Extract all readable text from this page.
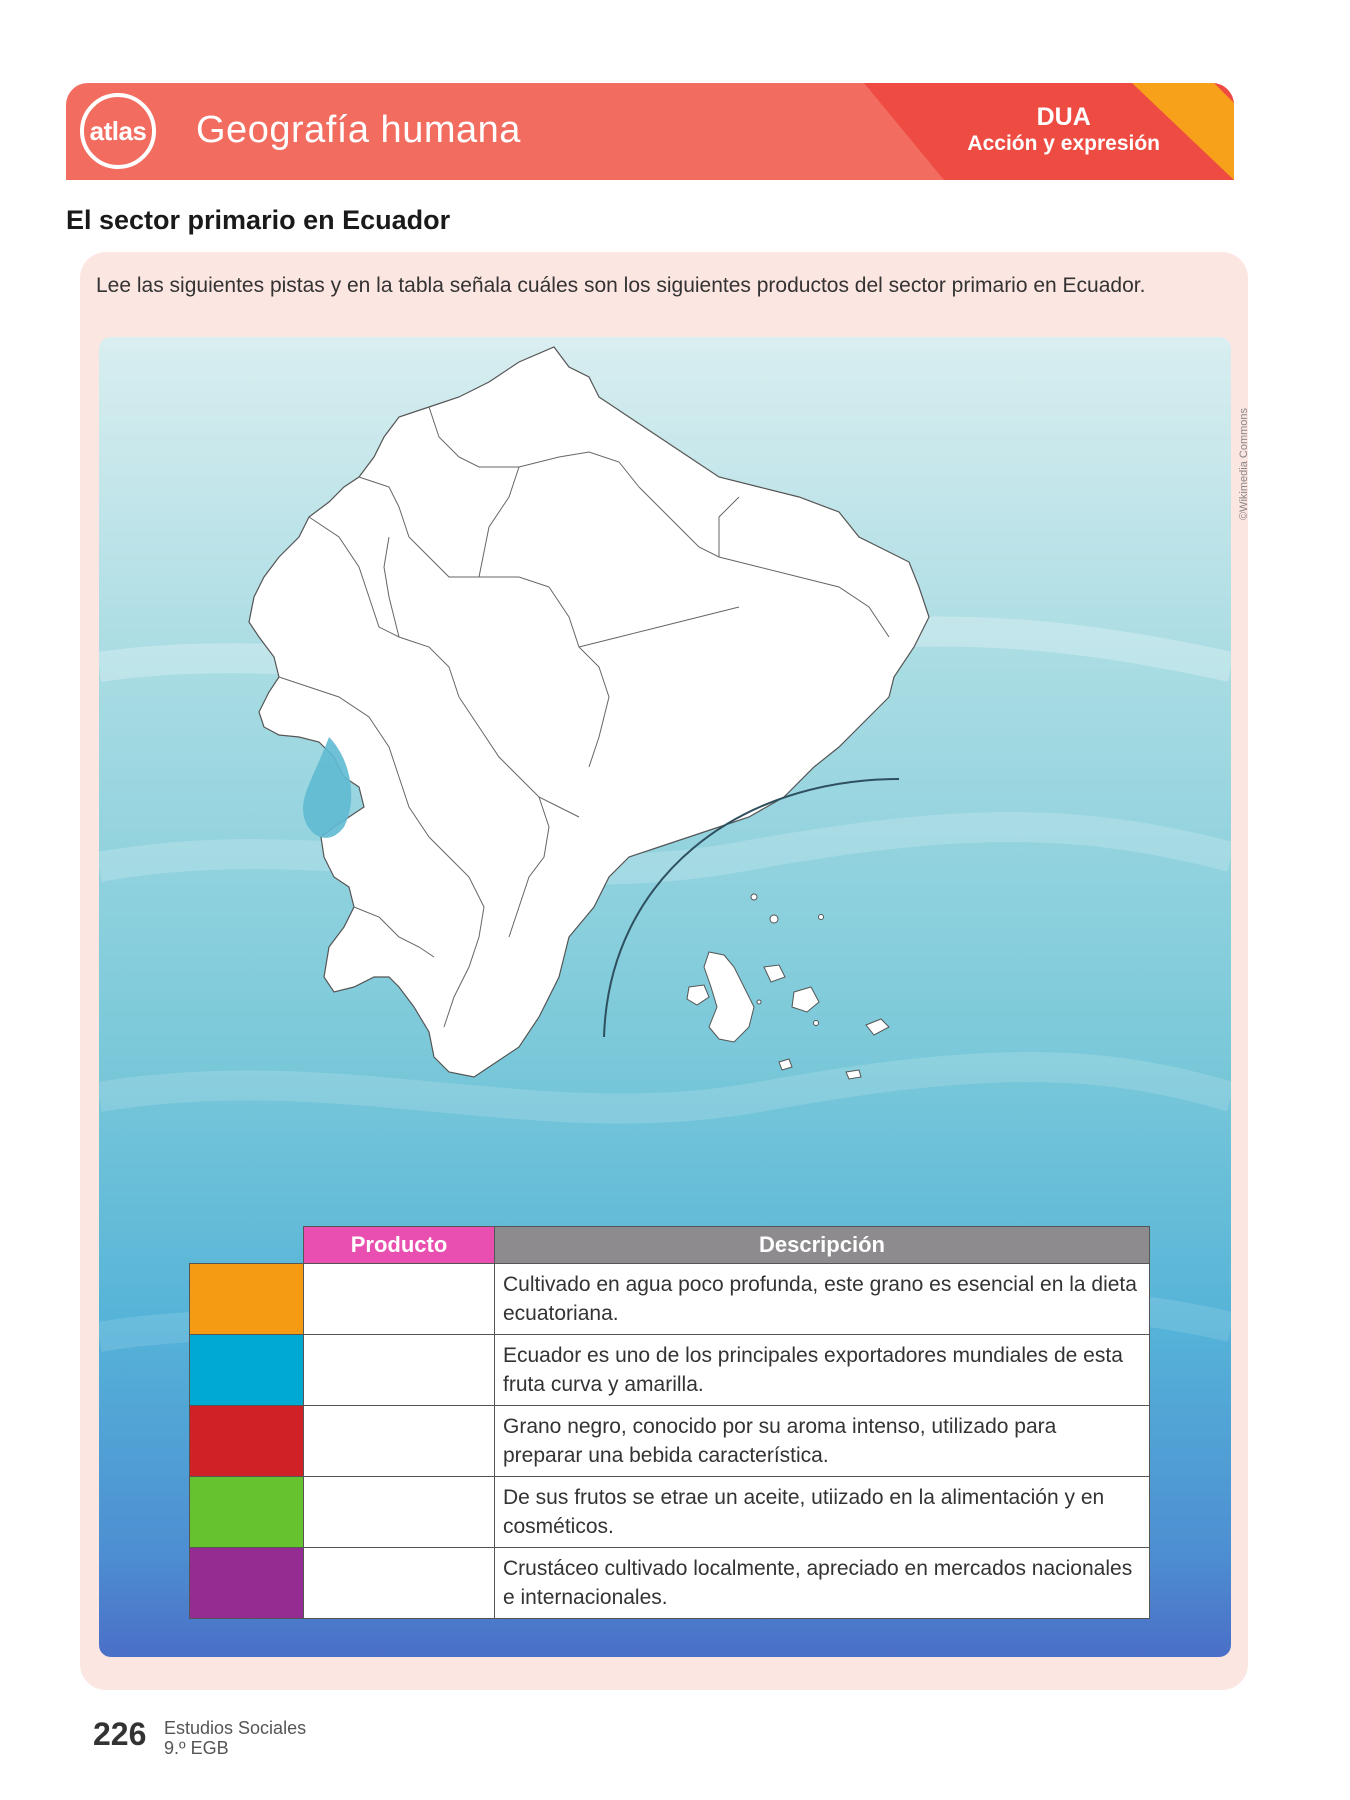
atlas Geografía humana	DUA
Acción y expresión
El sector primario en Ecuador
Lee las siguientes pistas y en la tabla señala cuáles son los siguientes productos del sector primario en Ecuador.
©Wikimedia Commons
	Producto	Descripción
		Cultivado en agua poco profunda, este grano es esencial en la dieta ecuatoriana.
		Ecuador es uno de los principales exportadores mundiales de esta fruta curva y amarilla.
		Grano negro, conocido por su aroma intenso, utilizado para preparar una bebida característica.
		De sus frutos se etrae un aceite, utiizado en la alimentación y en cosméticos.
		Crustáceo cultivado localmente, apreciado en mercados nacionales e internacionales.
226 Estudios Sociales
9.º EGB
